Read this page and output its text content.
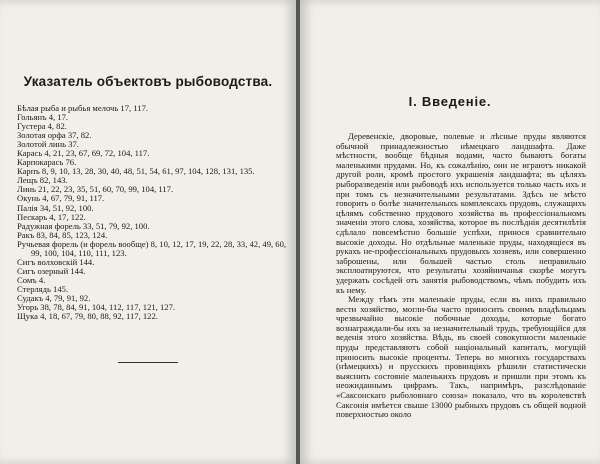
Указатель объектовъ рыбоводства.
Бѣлая рыба и рыбья мелочь 17, 117.
Гольянъ 4, 17.
Густера 4, 82.
Золотая орфа 37, 82.
Золотой линь 37.
Карась 4, 21, 23, 67, 69, 72, 104, 117.
Карпокарась 76.
Карпъ 8, 9, 10, 13, 28, 30, 40, 48, 51, 54, 61, 97, 104, 128, 131, 135.
Лещъ 82, 143.
Линь 21, 22, 23, 35, 51, 60, 70, 99, 104, 117.
Окунь 4, 67, 79, 91, 117.
Палія 34, 51, 92, 100.
Пескарь 4, 17, 122.
Радужная форель 33, 51, 79, 92, 100.
Ракъ 83, 84, 85, 123, 124.
Ручьевая форель (и форель вообще) 8, 10, 12, 17, 19, 22, 28, 33, 42, 49, 60, 99, 100, 104, 110, 111, 123.
Сигъ волховскiй 144.
Сигъ озерный 144.
Сомъ 4.
Стерлядь 145.
Судакъ 4, 79, 91, 92.
Угорь 38, 78, 84, 91, 104, 112, 117, 121, 127.
Щука 4, 18, 67, 79, 80, 88, 92, 117, 122.
I. Введенiе.

Деревенскiе, дворовые, полевые и лѣсные пруды являются обычной принадлежностью нѣмецкаго ландшафта. Даже мѣстности, вообще бѣдныя водами, часто бываютъ богаты маленькими прудами. Но, къ сожалѣнiю, они не играютъ никакой другой роли, кромѣ простого украшенiя ландшафта; въ цѣляхъ рыборазведенiя или рыбоводѣ ихъ используется только часть ихъ и при томъ съ незначительными результатами. Здѣсь не мѣсто говорить о болѣе значительныхъ комплексахъ прудовъ, служащихъ цѣлямъ собственно прудового хозяйства въ профессiональномъ значенiи этого слова, хозяйства, которое въ послѣднiя десятилѣтiя сдѣлало повсемѣстно большiе успѣхи, принося сравнительно высокiе доходы. Но отдѣльные маленькiе пруды, находящiеся въ рукахъ не-профессiональныхъ прудовыхъ хозяевъ, или совершенно заброшены, или большей частью столь неправильно эксплоатируются, что результаты хозяйничанья скорѣе могутъ удержать сосѣдей отъ занятiя рыбоводствомъ, чѣмъ побудить ихъ къ нему.

Между тѣмъ эти маленькiе пруды, если въ нихъ правильно вести хозяйство, могли-бы часто приносить своимъ владѣльцамъ чрезвычайно высокiе побочные доходы, которые богато вознаграждали-бы ихъ за незначительный трудъ, требующiйся для веденiя этого хозяйства. Вѣдь, въ своей совокупности маленькiе пруды представляютъ собой нацiональный капиталъ, могущiй приносить высокiе проценты. Теперь во многихъ государствахъ (нѣмецкихъ) и прусскихъ провинцiяхъ рѣшили статистически выяснить состоянiе маленькихъ прудовъ и пришли при этомъ къ неожиданнымъ цифрамъ. Такъ, напримѣръ, разслѣдованiе «Саксонскаго рыболовнаго союза» показало, что въ королевствѣ Саксонiя имѣется свыше 13000 рыбныхъ прудовъ съ общей водной поверхностью около
